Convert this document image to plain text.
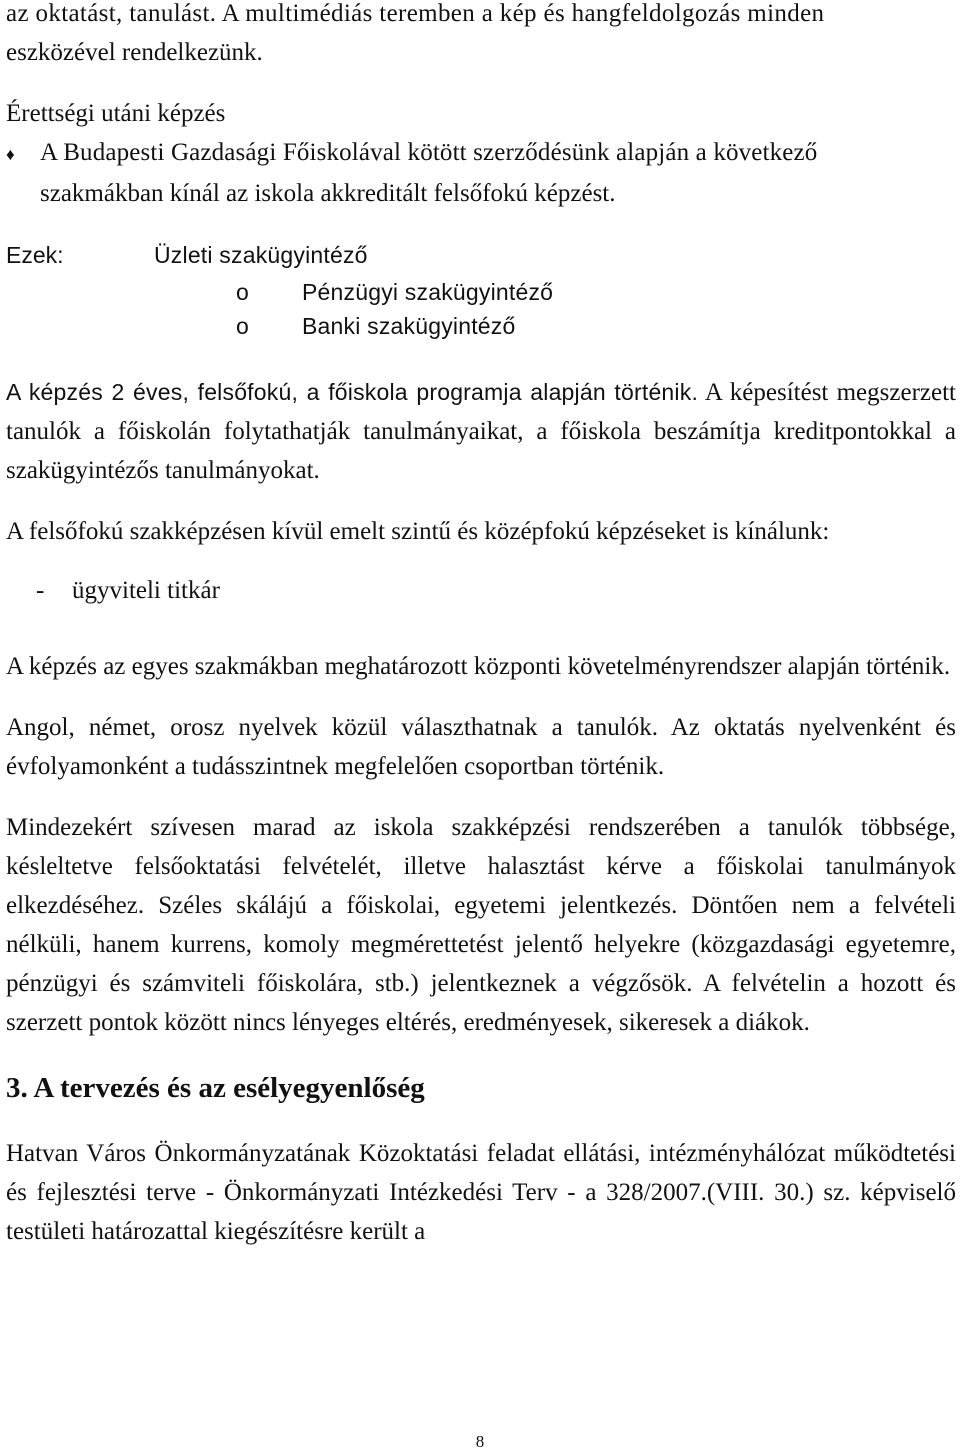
az oktatást, tanulást. A multimédiás teremben a kép és hangfeldolgozás minden

eszközével rendelkezünk.

Érettségi utáni képzés

♦	A Budapesti Gazdasági Főiskolával kötött szerződésünk alapján a következő

szakmákban kínál az iskola akkreditált felsőfokú képzést.

Ezek:	Üzleti szakügyintéző
o	Pénzügyi szakügyintéző
o	Banki szakügyintéző

A képzés 2 éves, felsőfokú, a főiskola programja alapján történik. A képesítést megszerzett tanulók a főiskolán folytathatják tanulmányaikat, a főiskola beszámítja kreditpontokkal a szakügyintézős tanulmányokat.

A felsőfokú szakképzésen kívül emelt szintű és középfokú képzéseket is kínálunk:

-	ügyviteli titkár

A képzés az egyes szakmákban meghatározott központi követelményrendszer alapján történik.

Angol, német, orosz nyelvek közül választhatnak a tanulók. Az oktatás nyelvenként és évfolyamonként a tudásszintnek megfelelően csoportban történik.

Mindezekért szívesen marad az iskola szakképzési rendszerében a tanulók többsége, késleltetve felsőoktatási felvételét, illetve halasztást kérve a főiskolai tanulmányok elkezdéséhez. Széles skálájú a főiskolai, egyetemi jelentkezés. Döntően nem a felvételi nélküli, hanem kurrens, komoly megmérettetést jelentő helyekre (közgazdasági egyetemre, pénzügyi és számviteli főiskolára, stb.) jelentkeznek a végzősök. A felvételin a hozott és szerzett pontok között nincs lényeges eltérés, eredményesek, sikeresek a diákok.

3. A tervezés és az esélyegyenlőség

Hatvan Város Önkormányzatának Közoktatási feladat ellátási, intézményhálózat működtetési és fejlesztési terve - Önkormányzati Intézkedési Terv - a 328/2007.(VIII. 30.) sz. képviselő testületi határozattal kiegészítésre került a

8
